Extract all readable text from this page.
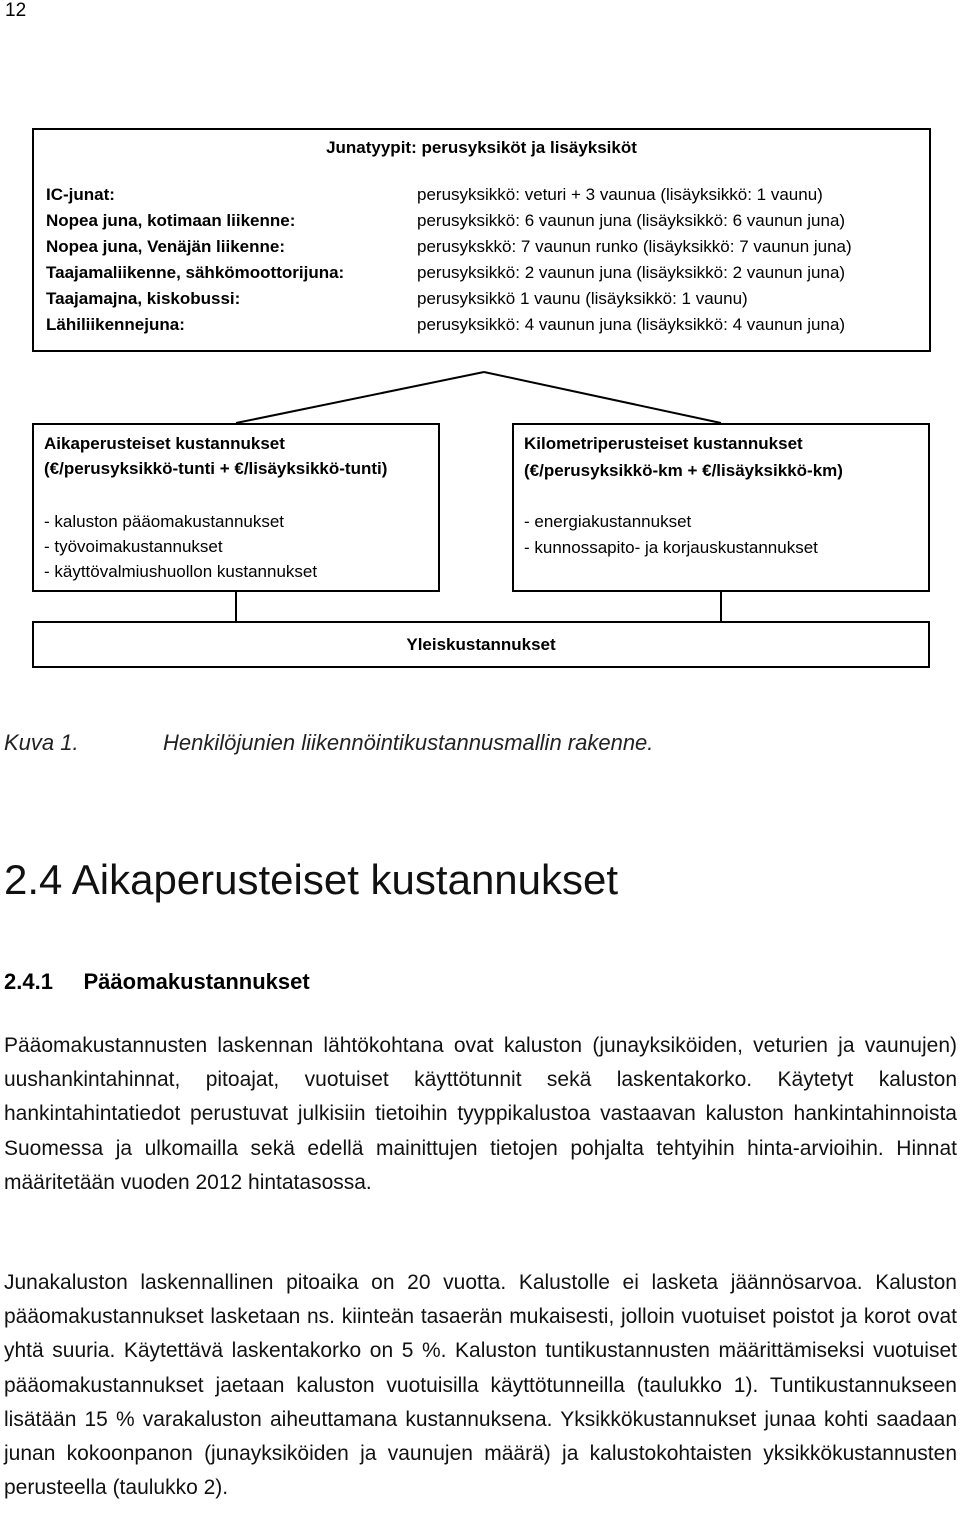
12
Junatyypit: perusyksiköt ja lisäyksiköt
IC-junat:	perusyksikkö: veturi + 3 vaunua (lisäyksikkö: 1 vaunu)
Nopea juna, kotimaan liikenne:	perusyksikkö: 6 vaunun juna (lisäyksikkö: 6 vaunun juna)
Nopea juna, Venäjän liikenne:	perusykskkö: 7 vaunun runko (lisäyksikkö: 7 vaunun juna)
Taajamaliikenne, sähkömoottorijuna:	perusyksikkö: 2 vaunun juna (lisäyksikkö: 2 vaunun juna)
Taajamajna, kiskobussi:	perusyksikkö 1 vaunu (lisäyksikkö: 1 vaunu)
Lähiliikennejuna:	perusyksikkö: 4 vaunun juna (lisäyksikkö: 4 vaunun juna)
Aikaperusteiset kustannukset
(€/perusyksikkö-tunti + €/lisäyksikkö-tunti)
- kaluston pääomakustannukset
- työvoimakustannukset
- käyttövalmiushuollon kustannukset
Kilometriperusteiset kustannukset
(€/perusyksikkö-km + €/lisäyksikkö-km)
- energiakustannukset
- kunnossapito- ja korjauskustannukset
Yleiskustannukset
Kuva 1.	Henkilöjunien liikennöintikustannusmallin rakenne.
2.4 Aikaperusteiset kustannukset
2.4.1     Pääomakustannukset
Pääomakustannusten laskennan lähtökohtana ovat kaluston (junayksiköiden, veturien ja vaunujen) uushankintahinnat, pitoajat, vuotuiset käyttötunnit sekä laskentakorko. Käytetyt kaluston hankintahintatiedot perustuvat julkisiin tietoihin tyyppikalustoa vastaavan kaluston hankintahinnoista Suomessa ja ulkomailla sekä edellä mainittujen tietojen pohjalta tehtyihin hinta-arvioihin. Hinnat määritetään vuoden 2012 hintatasossa.
Junakaluston laskennallinen pitoaika on 20 vuotta. Kalustolle ei lasketa jäännösarvoa. Kaluston pääomakustannukset lasketaan ns. kiinteän tasaerän mukaisesti, jolloin vuotuiset poistot ja korot ovat yhtä suuria. Käytettävä laskentakorko on 5 %. Kaluston tuntikustannusten määrittämiseksi vuotuiset pääomakustannukset jaetaan kaluston vuotuisilla käyttötunneilla (taulukko 1). Tuntikustannukseen lisätään 15 % varakaluston aiheuttamana kustannuksena. Yksikkökustannukset junaa kohti saadaan junan kokoonpanon (junayksiköiden ja vaunujen määrä) ja kalustokohtaisten yksikkökustannusten perusteella (taulukko 2).
